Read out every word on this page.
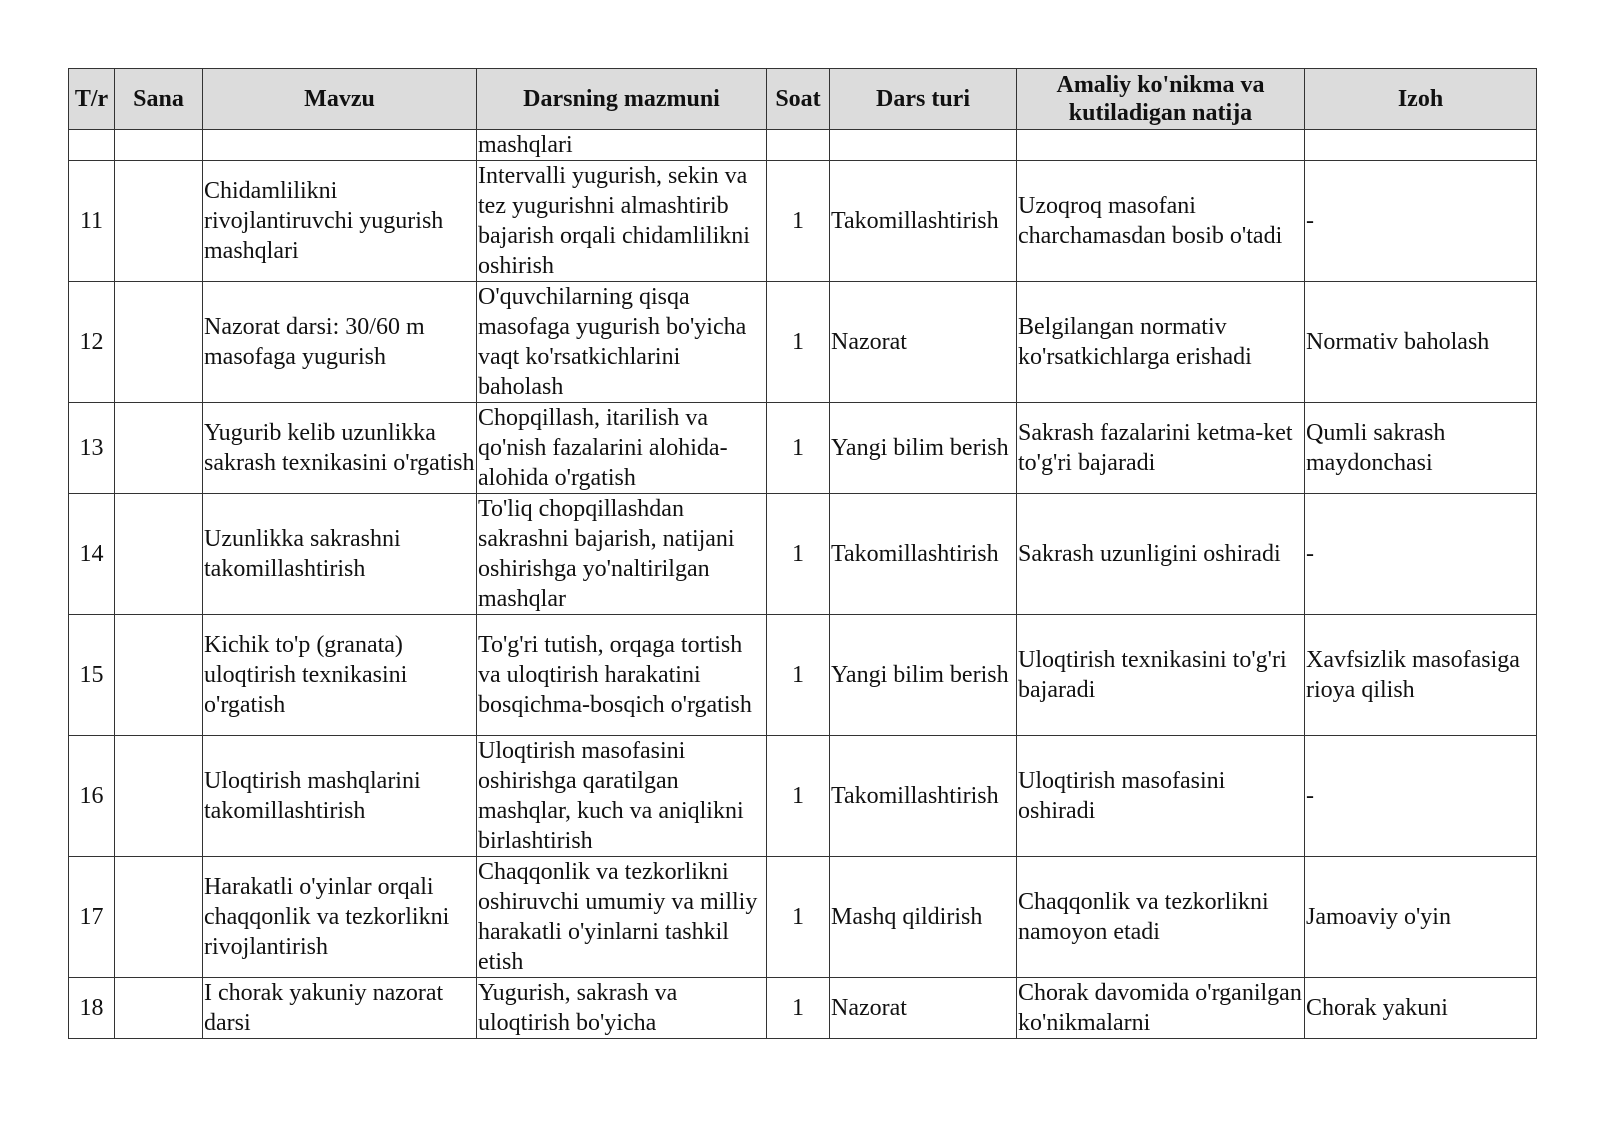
T/r	Sana	Mavzu	Darsning mazmuni	Soat	Dars turi	Amaliy ko'nikma va kutiladigan natija	Izoh
			mashqlari				
11		Chidamlilikni rivojlantiruvchi yugurish mashqlari	Intervalli yugurish, sekin va tez yugurishni almashtirib bajarish orqali chidamlilikni oshirish	1	Takomillashtirish	Uzoqroq masofani charchamasdan bosib o'tadi	-
12		Nazorat darsi: 30/60 m masofaga yugurish	O'quvchilarning qisqa masofaga yugurish bo'yicha vaqt ko'rsatkichlarini baholash	1	Nazorat	Belgilangan normativ ko'rsatkichlarga erishadi	Normativ baholash
13		Yugurib kelib uzunlikka sakrash texnikasini o'rgatish	Chopqillash, itarilish va qo'nish fazalarini alohida-alohida o'rgatish	1	Yangi bilim berish	Sakrash fazalarini ketma-ket to'g'ri bajaradi	Qumli sakrash maydonchasi
14		Uzunlikka sakrashni takomillashtirish	To'liq chopqillashdan sakrashni bajarish, natijani oshirishga yo'naltirilgan mashqlar	1	Takomillashtirish	Sakrash uzunligini oshiradi	-
15		Kichik to'p (granata) uloqtirish texnikasini o'rgatish	To'g'ri tutish, orqaga tortish va uloqtirish harakatini bosqichma-bosqich o'rgatish	1	Yangi bilim berish	Uloqtirish texnikasini to'g'ri bajaradi	Xavfsizlik masofasiga rioya qilish
16		Uloqtirish mashqlarini takomillashtirish	Uloqtirish masofasini oshirishga qaratilgan mashqlar, kuch va aniqlikni birlashtirish	1	Takomillashtirish	Uloqtirish masofasini oshiradi	-
17		Harakatli o'yinlar orqali chaqqonlik va tezkorlikni rivojlantirish	Chaqqonlik va tezkorlikni oshiruvchi umumiy va milliy harakatli o'yinlarni tashkil etish	1	Mashq qildirish	Chaqqonlik va tezkorlikni namoyon etadi	Jamoaviy o'yin
18		I chorak yakuniy nazorat darsi	Yugurish, sakrash va uloqtirish bo'yicha	1	Nazorat	Chorak davomida o'rganilgan ko'nikmalarni	Chorak yakuni
